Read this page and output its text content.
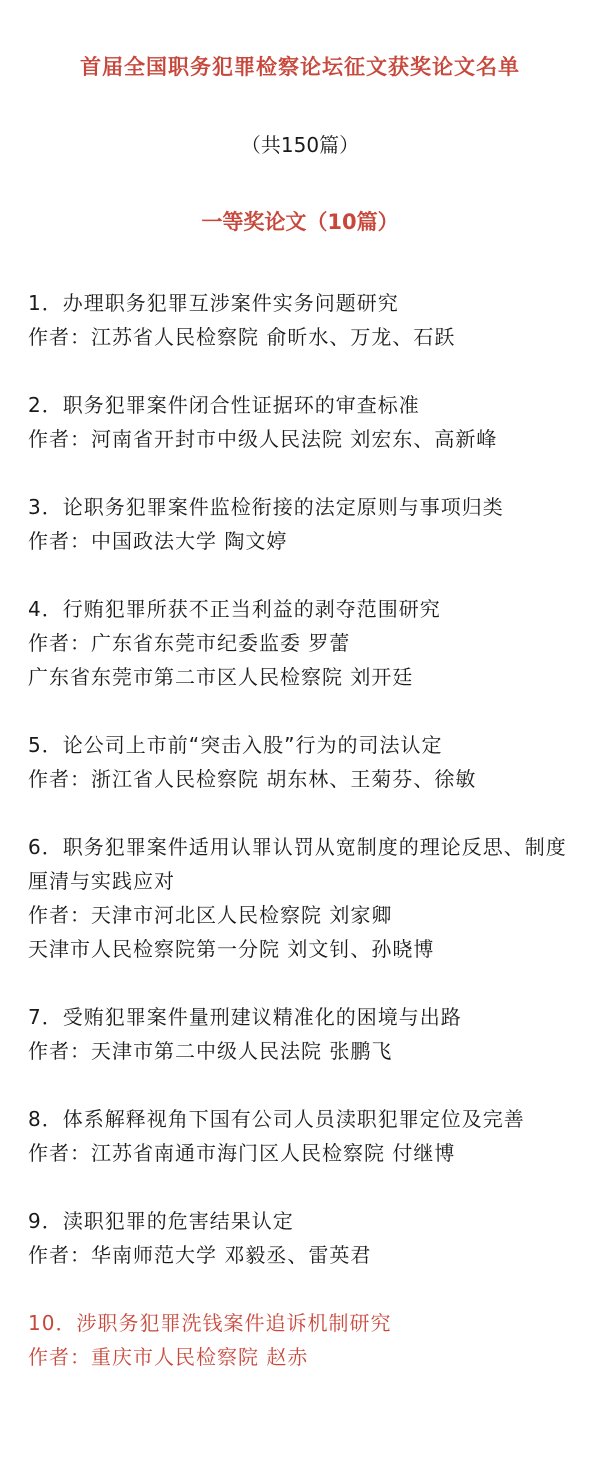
首届全国职务犯罪检察论坛征文获奖论文名单
（共150篇）
一等奖论文（10篇）
1．办理职务犯罪互涉案件实务问题研究
作者：江苏省人民检察院 俞昕水、万龙、石跃
2．职务犯罪案件闭合性证据环的审查标准
作者：河南省开封市中级人民法院 刘宏东、高新峰
3．论职务犯罪案件监检衔接的法定原则与事项归类
作者：中国政法大学 陶文婷
4．行贿犯罪所获不正当利益的剥夺范围研究
作者：广东省东莞市纪委监委 罗蕾
广东省东莞市第二市区人民检察院 刘开廷
5．论公司上市前“突击入股”行为的司法认定
作者：浙江省人民检察院 胡东林、王菊芬、徐敏
6．职务犯罪案件适用认罪认罚从宽制度的理论反思、制度厘清与实践应对
作者：天津市河北区人民检察院 刘家卿
天津市人民检察院第一分院 刘文钊、孙晓博
7．受贿犯罪案件量刑建议精准化的困境与出路
作者：天津市第二中级人民法院 张鹏飞
8．体系解释视角下国有公司人员渎职犯罪定位及完善
作者：江苏省南通市海门区人民检察院 付继博
9．渎职犯罪的危害结果认定
作者：华南师范大学 邓毅丞、雷英君
10．涉职务犯罪洗钱案件追诉机制研究
作者：重庆市人民检察院 赵赤
